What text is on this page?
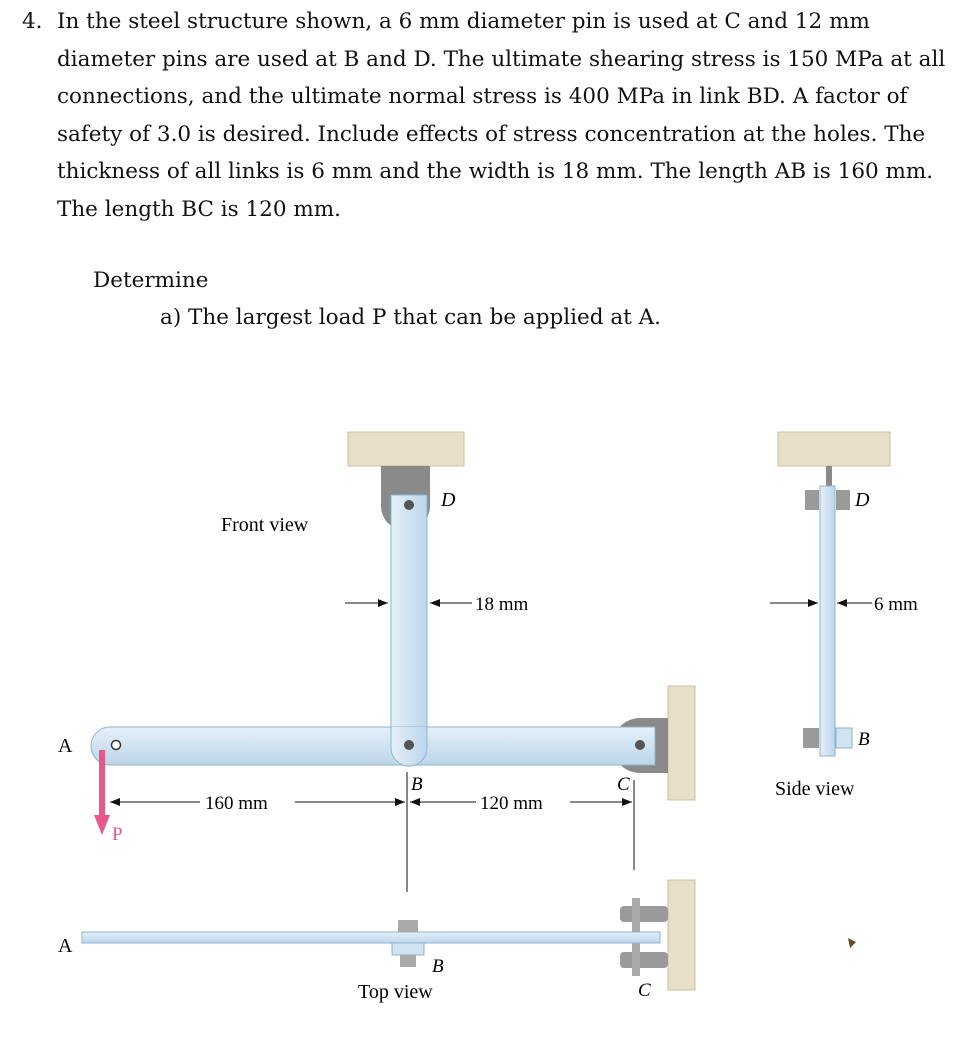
4. In the steel structure shown, a 6 mm diameter pin is used at C and 12 mm diameter pins are used at B and D. The ultimate shearing stress is 150 MPa at all connections, and the ultimate normal stress is 400 MPa in link BD. A factor of safety of 3.0 is desired. Include effects of stress concentration at the holes. The thickness of all links is 6 mm and the width is 18 mm. The length AB is 160 mm. The length BC is 120 mm.
Determine
a) The largest load P that can be applied at A.
D
Front view
18 mm
A
P
B	C
160 mm	120 mm
A
B
C
Top view
D
6 mm
B
Side view
